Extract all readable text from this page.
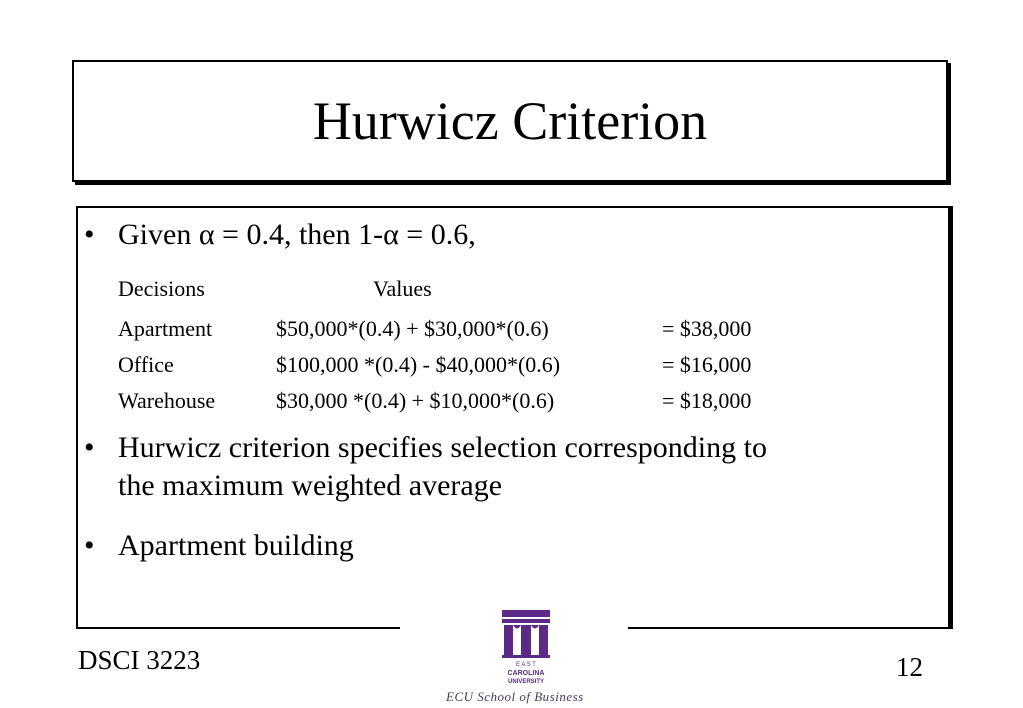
Hurwicz Criterion
• Given α = 0.4, then 1-α = 0.6,
Decisions	Values
Apartment	$50,000*(0.4) + $30,000*(0.6)	= $38,000
Office	$100,000 *(0.4) - $40,000*(0.6)	= $16,000
Warehouse	$30,000 *(0.4) + $10,000*(0.6)	= $18,000
• Hurwicz criterion specifies selection corresponding to
the maximum weighted average
• Apartment building
DSCI 3223	12
E A S T
CAROLINA
UNIVERSITY
ECU School of Business
